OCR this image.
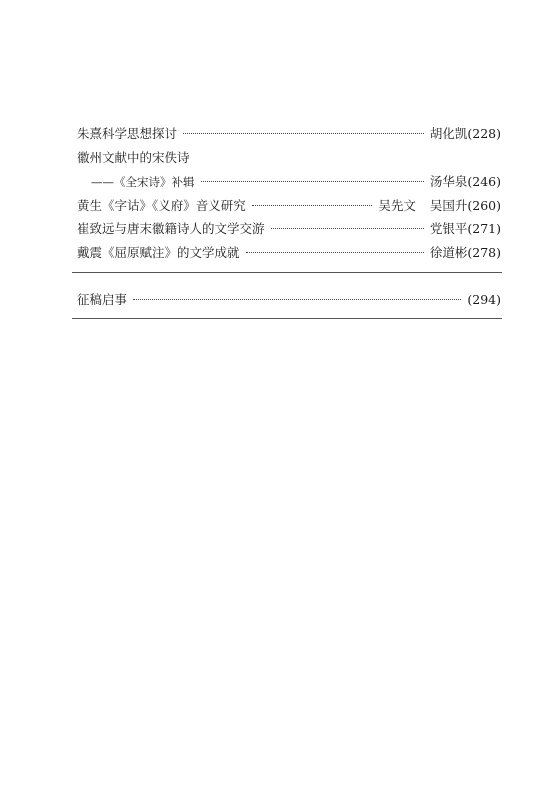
朱熹科学思想探讨	胡化凯 (228)
徽州文献中的宋佚诗
——《全宋诗》补辑	汤华泉 (246)
黄生《字诂》《义府》音义研究	吴先文 吴国升 (260)
崔致远与唐末徽籍诗人的文学交游	党银平 (271)
戴震《屈原赋注》的文学成就	徐道彬 (278)
征稿启事	(294)
